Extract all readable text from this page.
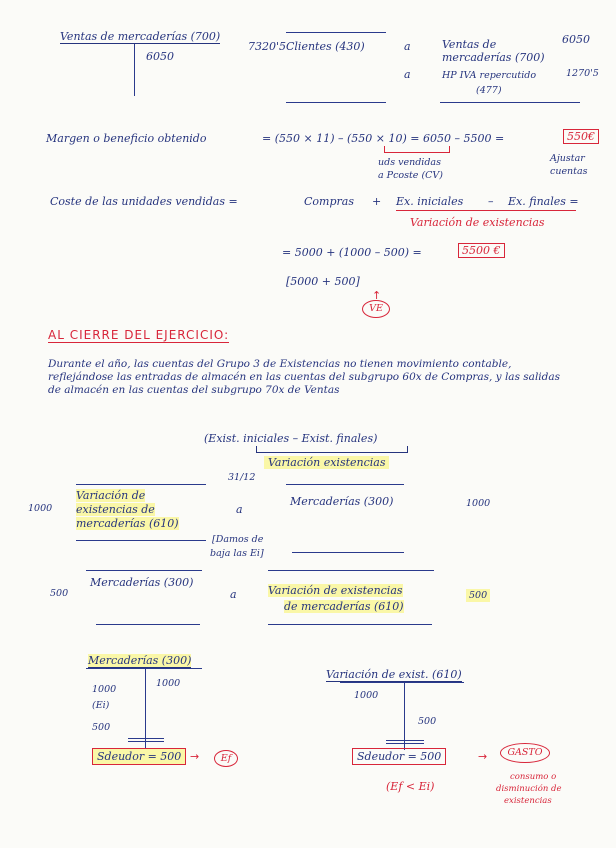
Ventas de mercaderías (700)
6050
7320'5 Clientes (430)	a	Ventas de
mercaderías (700)
6050
a	HP IVA repercutido
(477)
1270'5
Margen o beneficio obtenido	= (550 × 11) – (550 × 10) = 6050 – 5500 =	550€
uds vendidas
a Pcoste (CV)
Ajustar
cuentas
Coste de las unidades vendidas =	Compras + Ex. iniciales – Ex. finales =
Variación de existencias
= 5000 + (1000 – 500) =	5500 €
[5000 + 500]
↑
VE
AL CIERRE DEL EJERCICIO:
Durante el año, las cuentas del Grupo 3 de Existencias no tienen movimiento contable, reflejándose las entradas de almacén en las cuentas del subgrupo 60x de Compras, y las salidas de almacén en las cuentas del subgrupo 70x de Ventas
(Exist. iniciales – Exist. finales)
Variación existencias
31/12
1000
Variación de
existencias de
mercaderías (610)
a
Mercaderías (300)	1000
[Damos de
baja las Ei]
500
Mercaderías (300)
a	Variación de existencias
de mercaderías (610)
500
Mercaderías (300)
1000
(Ei)
500
1000
Sdeudor = 500 →	Ef
Variación de exist. (610)
1000
500
Sdeudor = 500	→	GASTO
consumo o
disminución de
existencias
(Ef < Ei)
